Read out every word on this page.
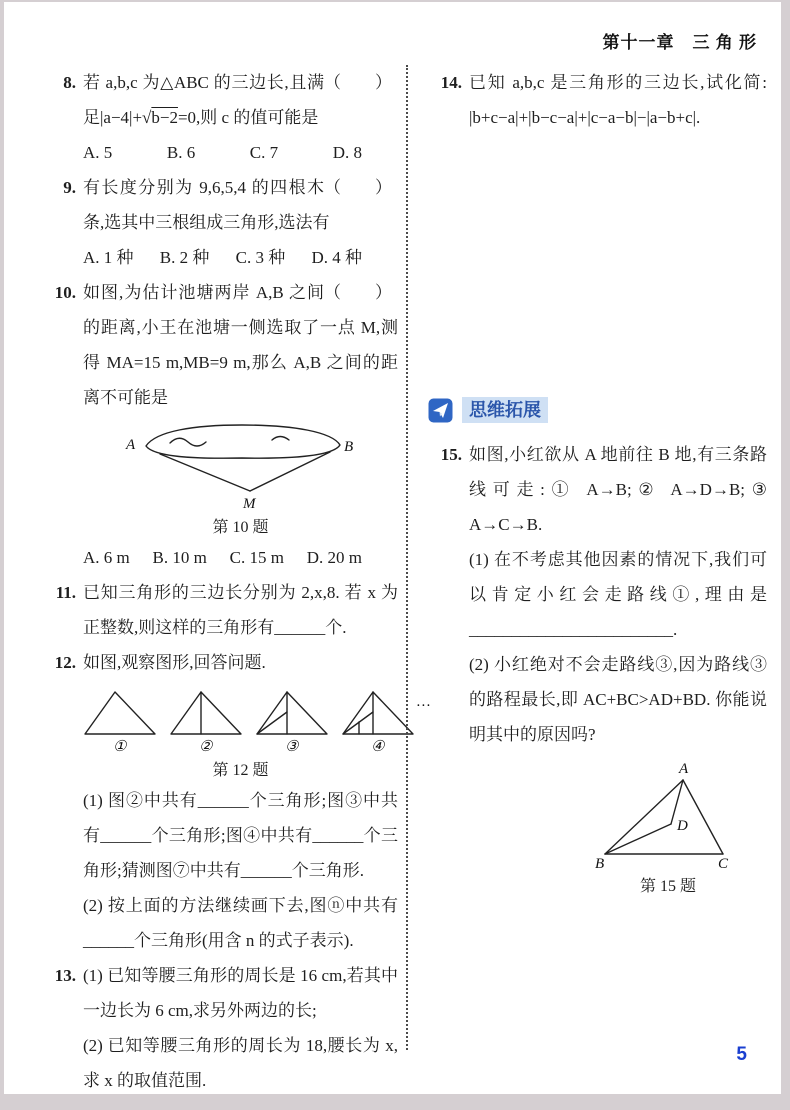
第十一章　三 角 形
8.	（　　）
若 a,b,c 为△ABC 的三边长,且满足|a−4|+√b−2=0,则 c 的值可能是

A. 5	B. 6	C. 7	D. 8
9.	（　　）
有长度分别为 9,6,5,4 的四根木条,选其中三根组成三角形,选法有

A. 1 种 B. 2 种 C. 3 种 D. 4 种
10.	（　　）
如图,为估计池塘两岸 A,B 之间的距离,小王在池塘一侧选取了一点 M,测得 MA=15 m,MB=9 m,那么 A,B 之间的距离不可能是

A	B
M
第 10 题
A. 6 m B. 10 m C. 15 m D. 20 m
11. 已知三角形的三边长分别为 2,x,8. 若 x 为正整数,则这样的三角形有______个.

12. 如图,观察图形,回答问题.

①	②	③	④
…
第 12 题

(1) 图②中共有______个三角形;图③中共有______个三角形;图④中共有______个三角形;猜测图⑦中共有______个三角形.

(2) 按上面的方法继续画下去,图ⓝ中共有______个三角形(用含 n 的式子表示).

13. (1) 已知等腰三角形的周长是 16 cm,若其中一边长为 6 cm,求另外两边的长;

(2) 已知等腰三角形的周长为 18,腰长为 x,求 x 的取值范围.

14. 已知 a,b,c 是三角形的三边长,试化简: |b+c−a|+|b−c−a|+|c−a−b|−|a−b+c|.

思维拓展
15. 如图,小红欲从 A 地前往 B 地,有三条路线可走:① A→B;② A→D→B;③ A→C→B.

(1) 在不考虑其他因素的情况下,我们可以肯定小红会走路线①,理由是________________________.

(2) 小红绝对不会走路线③,因为路线③的路程最长,即 AC+BC>AD+BD. 你能说明其中的原因吗?

A
B	C
D
第 15 题
5
